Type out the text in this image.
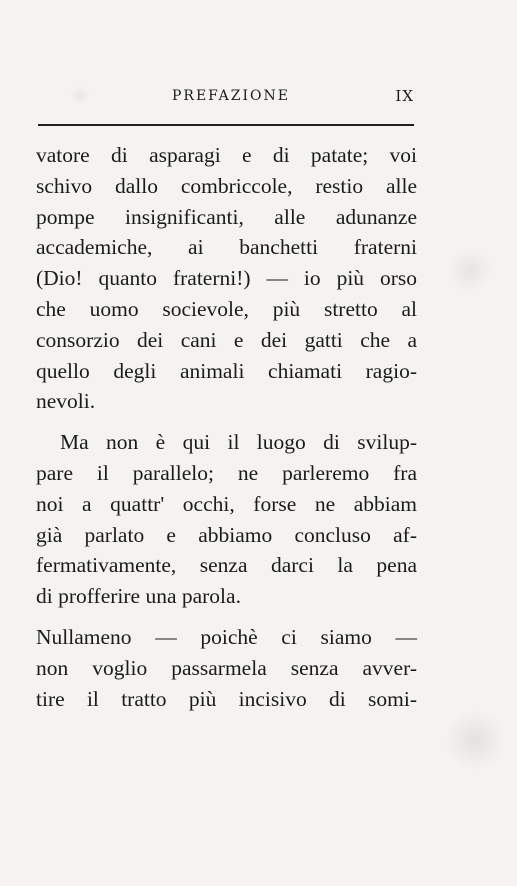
PREFAZIONE	IX
vatore di asparagi e di patate; voi
schivo dallo combriccole, restio alle
pompe insignificanti, alle adunanze
accademiche, ai banchetti fraterni
(Dio! quanto fraterni!) — io più orso
che uomo socievole, più stretto al
consorzio dei cani e dei gatti che a
quello degli animali chiamati ragio-
nevoli.
Ma non è qui il luogo di svilup-
pare il parallelo; ne parleremo fra
noi a quattr' occhi, forse ne abbiam
già parlato e abbiamo concluso af-
fermativamente, senza darci la pena
di profferire una parola.
Nullameno — poichè ci siamo —
non voglio passarmela senza avver-
tire il tratto più incisivo di somi-
